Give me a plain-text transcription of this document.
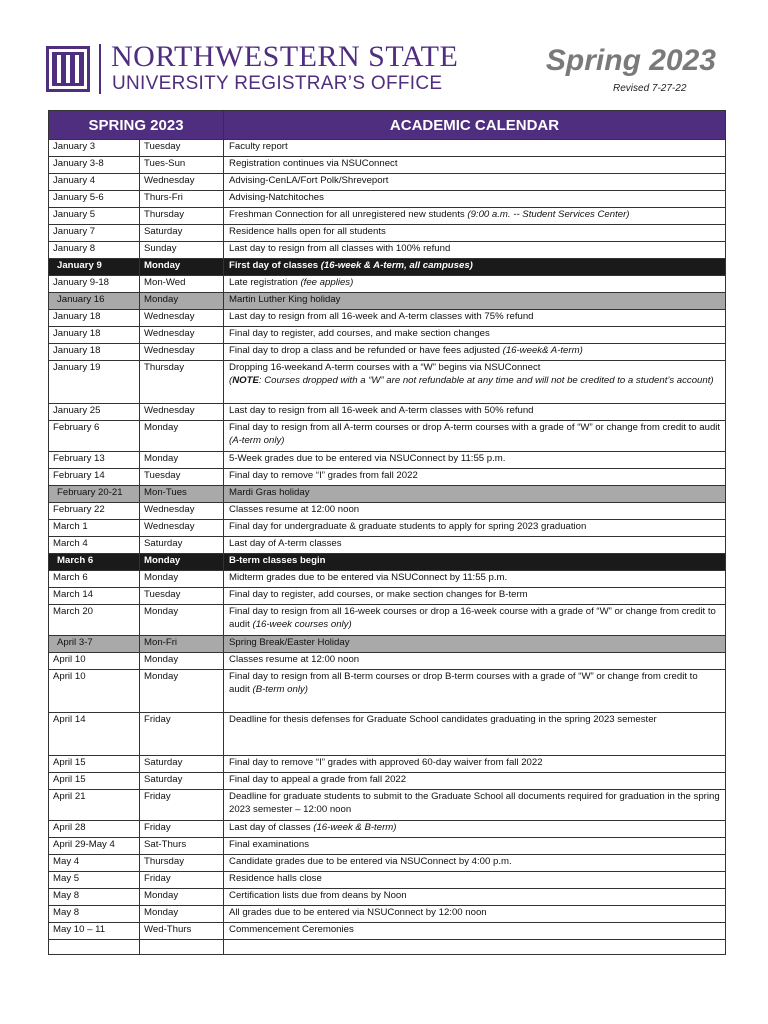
NORTHWESTERN STATE
UNIVERSITY REGISTRAR’S OFFICE
Spring 2023
Revised 7-27-22
SPRING 2023		ACADEMIC CALENDAR
January 3	Tuesday	Faculty report
January 3-8	Tues-Sun	Registration continues via NSUConnect
January 4	Wednesday	Advising-CenLA/Fort Polk/Shreveport
January 5-6	Thurs-Fri	Advising-Natchitoches
January 5	Thursday	Freshman Connection for all unregistered new students (9:00 a.m. -- Student Services Center)
January 7	Saturday	Residence halls open for all students
January 8	Sunday	Last day to resign from all classes with 100% refund
January 9	Monday	First day of classes (16-week & A-term, all campuses)
January 9-18	Mon-Wed	Late registration (fee applies)
January 16	Monday	Martin Luther King holiday
January 18	Wednesday	Last day to resign from all 16-week and A-term classes with 75% refund
January 18	Wednesday	Final day to register, add courses, and make section changes
January 18	Wednesday	Final day to drop a class and be refunded or have fees adjusted (16-week& A-term)
January 19	Thursday	Dropping 16-weekand A-term courses with a “W” begins via NSUConnect
(NOTE: Courses dropped with a “W” are not refundable at any time and will not be credited to a student’s account)
January 25	Wednesday	Last day to resign from all 16-week and A-term classes with 50% refund
February 6	Monday	Final day to resign from all A-term courses or drop A-term courses with a grade of “W” or change from credit to audit (A-term only)
February 13	Monday	5-Week grades due to be entered via NSUConnect by 11:55 p.m.
February 14	Tuesday	Final day to remove “I” grades from fall 2022
February 20-21	Mon-Tues	Mardi Gras holiday
February 22	Wednesday	Classes resume at 12:00 noon
March 1	Wednesday	Final day for undergraduate & graduate students to apply for spring 2023 graduation
March 4	Saturday	Last day of A-term classes
March 6	Monday	B-term classes begin
March 6	Monday	Midterm grades due to be entered via NSUConnect by 11:55 p.m.
March 14	Tuesday	Final day to register, add courses, or make section changes for B-term
March 20	Monday	Final day to resign from all 16-week courses or drop a 16-week course with a grade of “W” or change from credit to audit (16-week courses only)
April 3-7	Mon-Fri	Spring Break/Easter Holiday
April 10	Monday	Classes resume at 12:00 noon
April 10	Monday	Final day to resign from all B-term courses or drop B-term courses with a grade of “W” or change from credit to audit (B-term only)
April 14	Friday	Deadline for thesis defenses for Graduate School candidates graduating in the spring 2023 semester
April 15	Saturday	Final day to remove “I” grades with approved 60-day waiver from fall 2022
April 15	Saturday	Final day to appeal a grade from fall 2022
April 21	Friday	Deadline for graduate students to submit to the Graduate School all documents required for graduation in the spring 2023 semester – 12:00 noon
April 28	Friday	Last day of classes (16-week & B-term)
April 29-May 4	Sat-Thurs	Final examinations
May 4	Thursday	Candidate grades due to be entered via NSUConnect by 4:00 p.m.
May 5	Friday	Residence halls close
May 8	Monday	Certification lists due from deans by Noon
May 8	Monday	All grades due to be entered via NSUConnect by 12:00 noon
May 10 – 11	Wed-Thurs	Commencement Ceremonies
